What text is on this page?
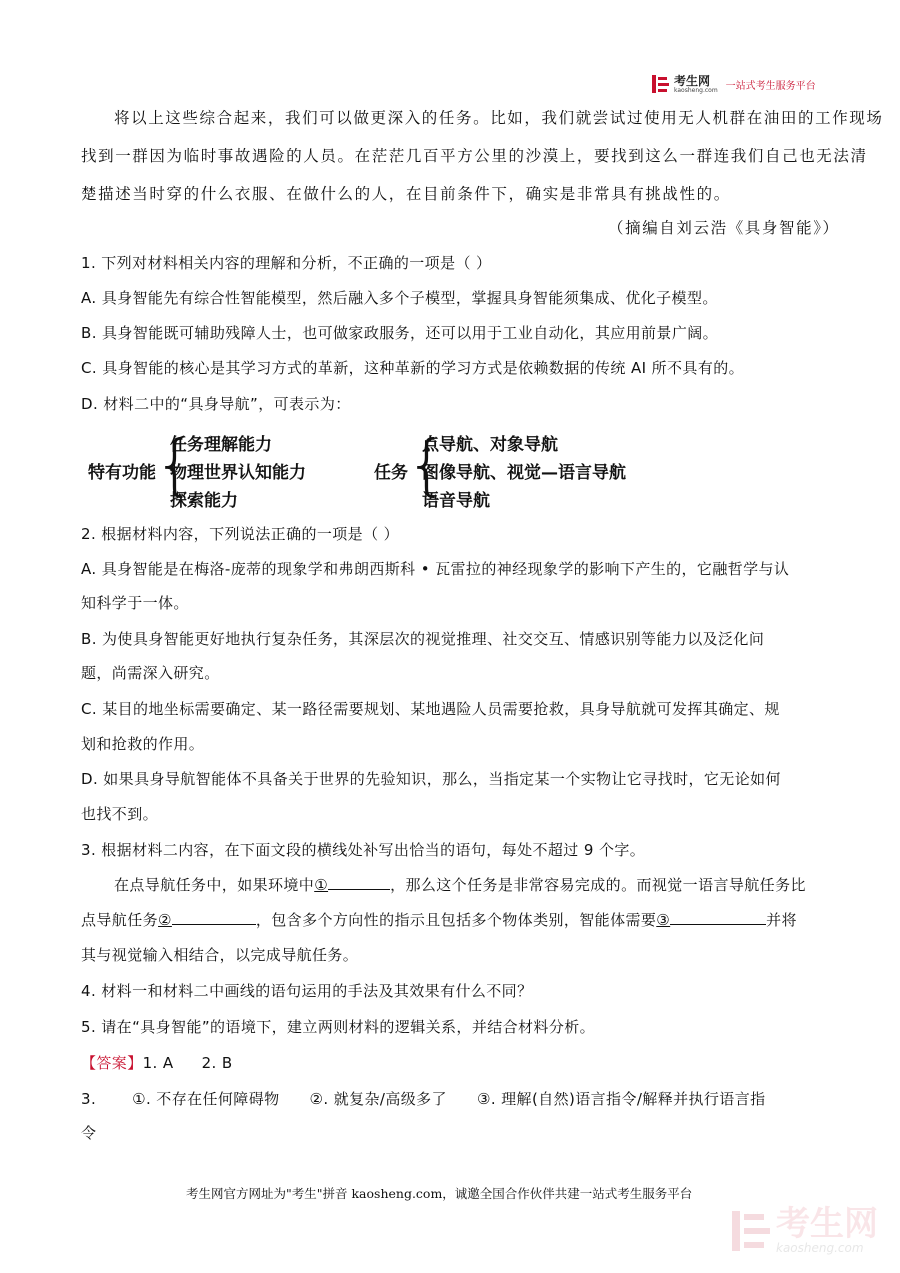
考生网
kaosheng.com 一站式考生服务平台
将以上这些综合起来，我们可以做更深入的任务。比如，我们就尝试过使用无人机群在油田的工作现场
找到一群因为临时事故遇险的人员。在茫茫几百平方公里的沙漠上，要找到这么一群连我们自己也无法清
楚描述当时穿的什么衣服、在做什么的人，在目前条件下，确实是非常具有挑战性的。
（摘编自刘云浩《具身智能》）
1. 下列对材料相关内容的理解和分析，不正确的一项是（ ）
A. 具身智能先有综合性智能模型，然后融入多个子模型，掌握具身智能须集成、优化子模型。
B. 具身智能既可辅助残障人士，也可做家政服务，还可以用于工业自动化，其应用前景广阔。
C. 具身智能的核心是其学习方式的革新，这种革新的学习方式是依赖数据的传统 AI 所不具有的。
D. 材料二中的“具身导航”，可表示为：
特有功能
{
任务理解能力
物理世界认知能力
探索能力
任务
{
点导航、对象导航
图像导航、视觉—语言导航
语音导航
2. 根据材料内容，下列说法正确的一项是（ ）
A. 具身智能是在梅洛-庞蒂的现象学和弗朗西斯科 • 瓦雷拉的神经现象学的影响下产生的，它融哲学与认
知科学于一体。
B. 为使具身智能更好地执行复杂任务，其深层次的视觉推理、社交交互、情感识别等能力以及泛化问
题，尚需深入研究。
C. 某目的地坐标需要确定、某一路径需要规划、某地遇险人员需要抢救，具身导航就可发挥其确定、规
划和抢救的作用。
D. 如果具身导航智能体不具备关于世界的先验知识，那么，当指定某一个实物让它寻找时，它无论如何
也找不到。
3. 根据材料二内容，在下面文段的横线处补写出恰当的语句，每处不超过 9 个字。
在点导航任务中，如果环境中①	，那么这个任务是非常容易完成的。而视觉一语言导航任务比
点导航任务②	，包含多个方向性的指示且包括多个物体类别，智能体需要③	并将
其与视觉输入相结合，以完成导航任务。
4. 材料一和材料二中画线的语句运用的手法及其效果有什么不同？
5. 请在“具身智能”的语境下，建立两则材料的逻辑关系，并结合材料分析。
【答案】1. A 2. B
3. ①. 不存在任何障碍物 ②. 就复杂/高级多了 ③. 理解(自然)语言指令/解释并执行语言指
令
考生网官方网址为"考生"拼音 kaosheng.com，诚邀全国合作伙伴共建一站式考生服务平台
考生网
kaosheng.com
